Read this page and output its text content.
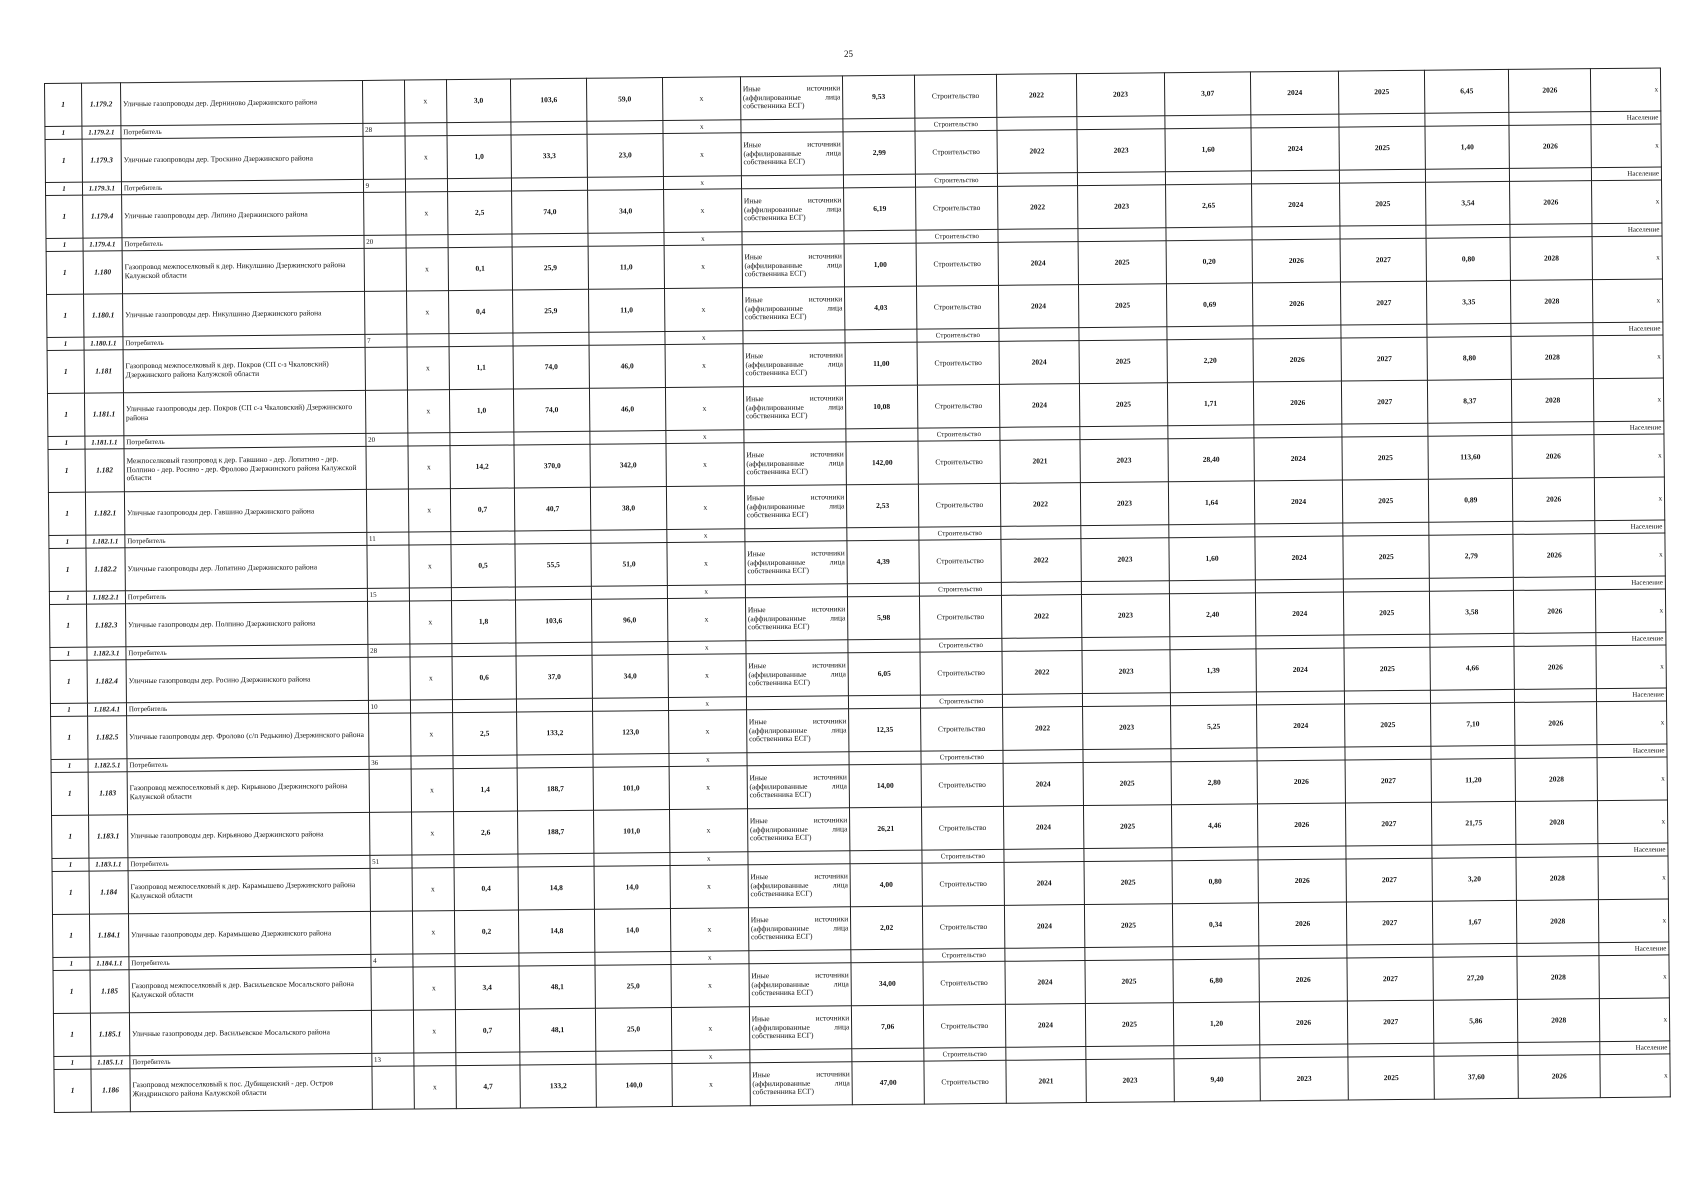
25
1	1.179.2	Уличные газопроводы дер. Дерниново Дзержинского района		x	3,0	103,6	59,0	x	Иные источники (аффилированные лица собственника ЕСГ)	9,53	Строительство	2022	2023	3,07	2024	2025	6,45	2026	x
1	1.179.2.1	Потребитель	28					x			Строительство								Население
1	1.179.3	Уличные газопроводы дер. Троскино Дзержинского района		x	1,0	33,3	23,0	x	Иные источники (аффилированные лица собственника ЕСГ)	2,99	Строительство	2022	2023	1,60	2024	2025	1,40	2026	x
1	1.179.3.1	Потребитель	9					x			Строительство								Население
1	1.179.4	Уличные газопроводы дер. Липино Дзержинского района		x	2,5	74,0	34,0	x	Иные источники (аффилированные лица собственника ЕСГ)	6,19	Строительство	2022	2023	2,65	2024	2025	3,54	2026	x
1	1.179.4.1	Потребитель	20					x			Строительство								Население
1	1.180	Газопровод межпоселковый к дер. Никулшино Дзержинского района Калужской области		x	0,1	25,9	11,0	x	Иные источники (аффилированные лица собственника ЕСГ)	1,00	Строительство	2024	2025	0,20	2026	2027	0,80	2028	x
1	1.180.1	Уличные газопроводы дер. Никулшино Дзержинского района		x	0,4	25,9	11,0	x	Иные источники (аффилированные лица собственника ЕСГ)	4,03	Строительство	2024	2025	0,69	2026	2027	3,35	2028	x
1	1.180.1.1	Потребитель	7					x			Строительство								Население
1	1.181	Газопровод межпоселковый к дер. Покров (СП с-з Чкаловский) Дзержинского района Калужской области		x	1,1	74,0	46,0	x	Иные источники (аффилированные лица собственника ЕСГ)	11,00	Строительство	2024	2025	2,20	2026	2027	8,80	2028	x
1	1.181.1	Уличные газопроводы дер. Покров (СП с-з Чкаловский) Дзержинского района		x	1,0	74,0	46,0	x	Иные источники (аффилированные лица собственника ЕСГ)	10,08	Строительство	2024	2025	1,71	2026	2027	8,37	2028	x
1	1.181.1.1	Потребитель	20					x			Строительство								Население
1	1.182	Межпоселковый газопровод к дер. Гавшино - дер. Лопатино - дер. Полпино - дер. Росино - дер. Фролово Дзержинского района Калужской области		x	14,2	370,0	342,0	x	Иные источники (аффилированные лица собственника ЕСГ)	142,00	Строительство	2021	2023	28,40	2024	2025	113,60	2026	x
1	1.182.1	Уличные газопроводы дер. Гавшино Дзержинского района		x	0,7	40,7	38,0	x	Иные источники (аффилированные лица собственника ЕСГ)	2,53	Строительство	2022	2023	1,64	2024	2025	0,89	2026	x
1	1.182.1.1	Потребитель	11					x			Строительство								Население
1	1.182.2	Уличные газопроводы дер. Лопатино Дзержинского района		x	0,5	55,5	51,0	x	Иные источники (аффилированные лица собственника ЕСГ)	4,39	Строительство	2022	2023	1,60	2024	2025	2,79	2026	x
1	1.182.2.1	Потребитель	15					x			Строительство								Население
1	1.182.3	Уличные газопроводы дер. Полпино Дзержинского района		x	1,8	103,6	96,0	x	Иные источники (аффилированные лица собственника ЕСГ)	5,98	Строительство	2022	2023	2,40	2024	2025	3,58	2026	x
1	1.182.3.1	Потребитель	28					x			Строительство								Население
1	1.182.4	Уличные газопроводы дер. Росино Дзержинского района		x	0,6	37,0	34,0	x	Иные источники (аффилированные лица собственника ЕСГ)	6,05	Строительство	2022	2023	1,39	2024	2025	4,66	2026	x
1	1.182.4.1	Потребитель	10					x			Строительство								Население
1	1.182.5	Уличные газопроводы дер. Фролово (с/п Редькино) Дзержинского района		x	2,5	133,2	123,0	x	Иные источники (аффилированные лица собственника ЕСГ)	12,35	Строительство	2022	2023	5,25	2024	2025	7,10	2026	x
1	1.182.5.1	Потребитель	36					x			Строительство								Население
1	1.183	Газопровод межпоселковый к дер. Кирьяново Дзержинского района Калужской области		x	1,4	188,7	101,0	x	Иные источники (аффилированные лица собственника ЕСГ)	14,00	Строительство	2024	2025	2,80	2026	2027	11,20	2028	x
1	1.183.1	Уличные газопроводы дер. Кирьяново Дзержинского района		x	2,6	188,7	101,0	x	Иные источники (аффилированные лица собственника ЕСГ)	26,21	Строительство	2024	2025	4,46	2026	2027	21,75	2028	x
1	1.183.1.1	Потребитель	51					x			Строительство								Население
1	1.184	Газопровод межпоселковый к дер. Карамышево Дзержинского района Калужской области		x	0,4	14,8	14,0	x	Иные источники (аффилированные лица собственника ЕСГ)	4,00	Строительство	2024	2025	0,80	2026	2027	3,20	2028	x
1	1.184.1	Уличные газопроводы дер. Карамышево Дзержинского района		x	0,2	14,8	14,0	x	Иные источники (аффилированные лица собственника ЕСГ)	2,02	Строительство	2024	2025	0,34	2026	2027	1,67	2028	x
1	1.184.1.1	Потребитель	4					x			Строительство								Население
1	1.185	Газопровод межпоселковый к дер. Васильевское Мосальского района Калужской области		x	3,4	48,1	25,0	x	Иные источники (аффилированные лица собственника ЕСГ)	34,00	Строительство	2024	2025	6,80	2026	2027	27,20	2028	x
1	1.185.1	Уличные газопроводы дер. Васильевское Мосальского района		x	0,7	48,1	25,0	x	Иные источники (аффилированные лица собственника ЕСГ)	7,06	Строительство	2024	2025	1,20	2026	2027	5,86	2028	x
1	1.185.1.1	Потребитель	13					x			Строительство								Население
1	1.186	Газопровод межпоселковый к пос. Дубищенский - дер. Остров Жиздринского района Калужской области		x	4,7	133,2	140,0	x	Иные источники (аффилированные лица собственника ЕСГ)	47,00	Строительство	2021	2023	9,40	2023	2025	37,60	2026	x
